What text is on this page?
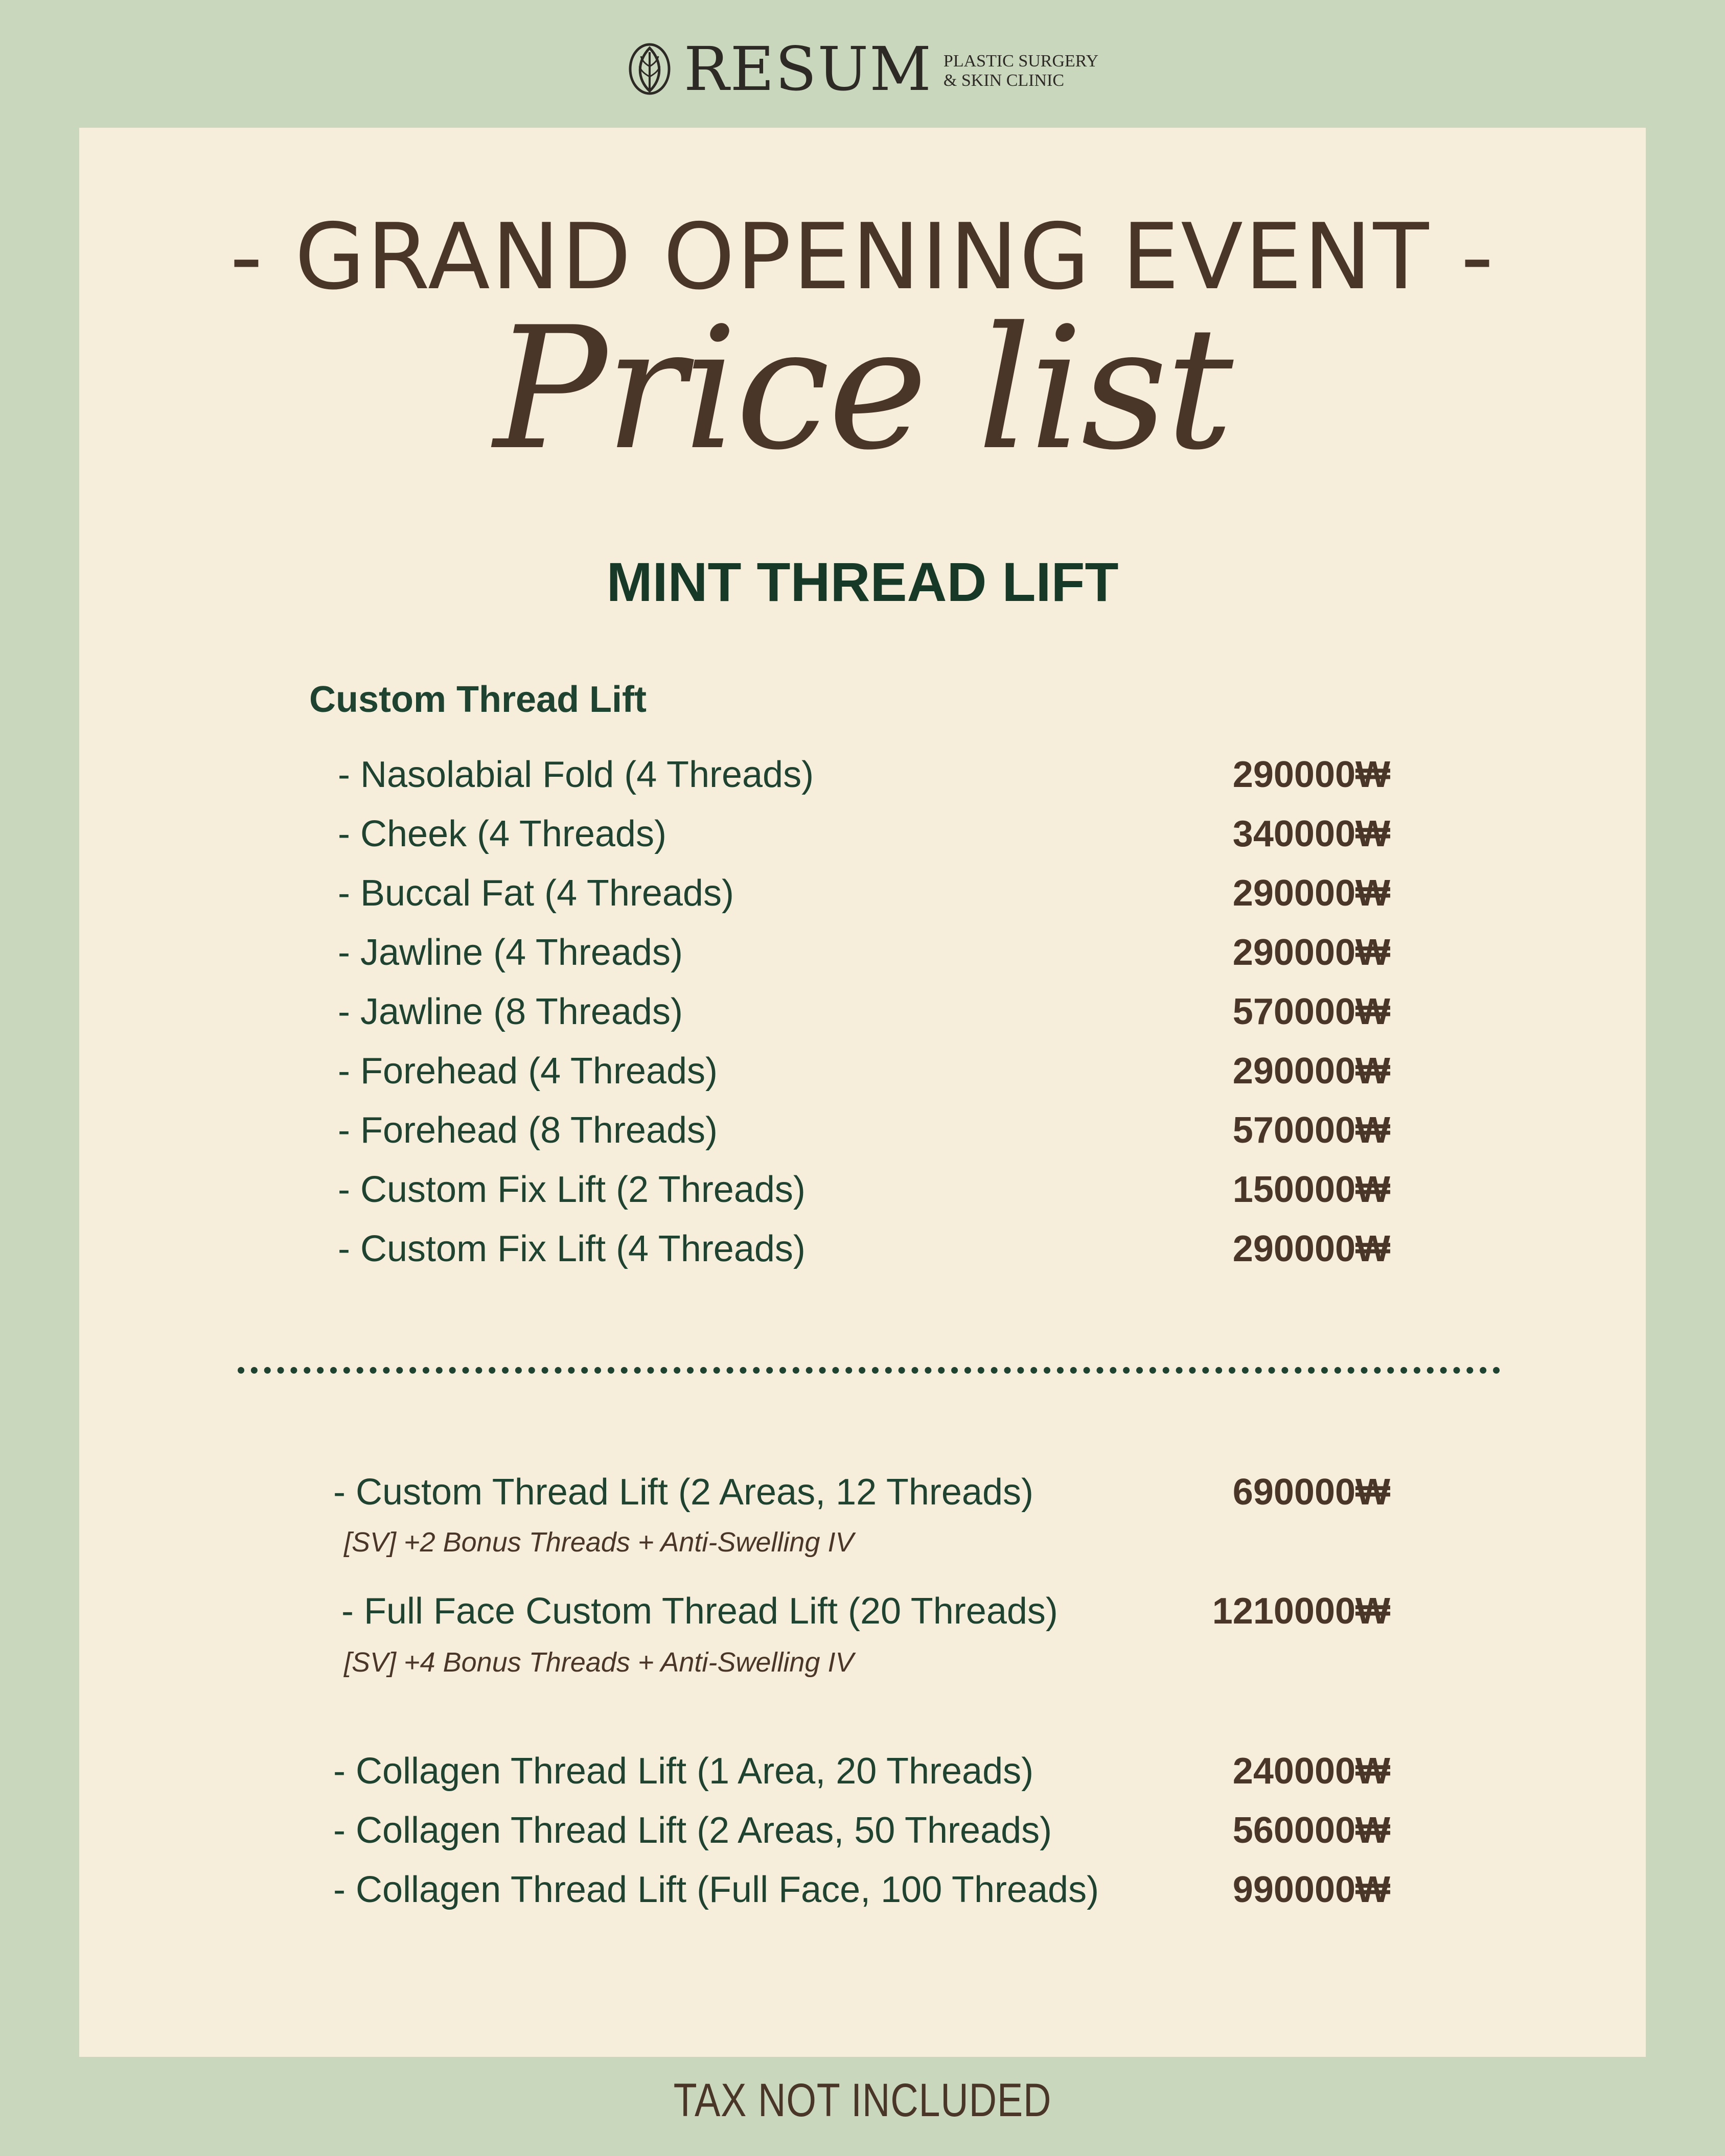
RESUM PLASTIC SURGERY
& SKIN CLINIC
- GRAND OPENING EVENT -
Price list
MINT THREAD LIFT
Custom Thread Lift
- Nasolabial Fold (4 Threads)	290000₩
- Cheek (4 Threads)	340000₩
- Buccal Fat (4 Threads)	290000₩
- Jawline (4 Threads)	290000₩
- Jawline (8 Threads)	570000₩
- Forehead (4 Threads)	290000₩
- Forehead (8 Threads)	570000₩
- Custom Fix Lift (2 Threads)	150000₩
- Custom Fix Lift (4 Threads)	290000₩
- Custom Thread Lift (2 Areas, 12 Threads)	690000₩
[SV] +2 Bonus Threads + Anti-Swelling IV
- Full Face Custom Thread Lift (20 Threads)	1210000₩
[SV] +4 Bonus Threads + Anti-Swelling IV
- Collagen Thread Lift (1 Area, 20 Threads)	240000₩
- Collagen Thread Lift (2 Areas, 50 Threads)	560000₩
- Collagen Thread Lift (Full Face, 100 Threads)	990000₩
TAX NOT INCLUDED
